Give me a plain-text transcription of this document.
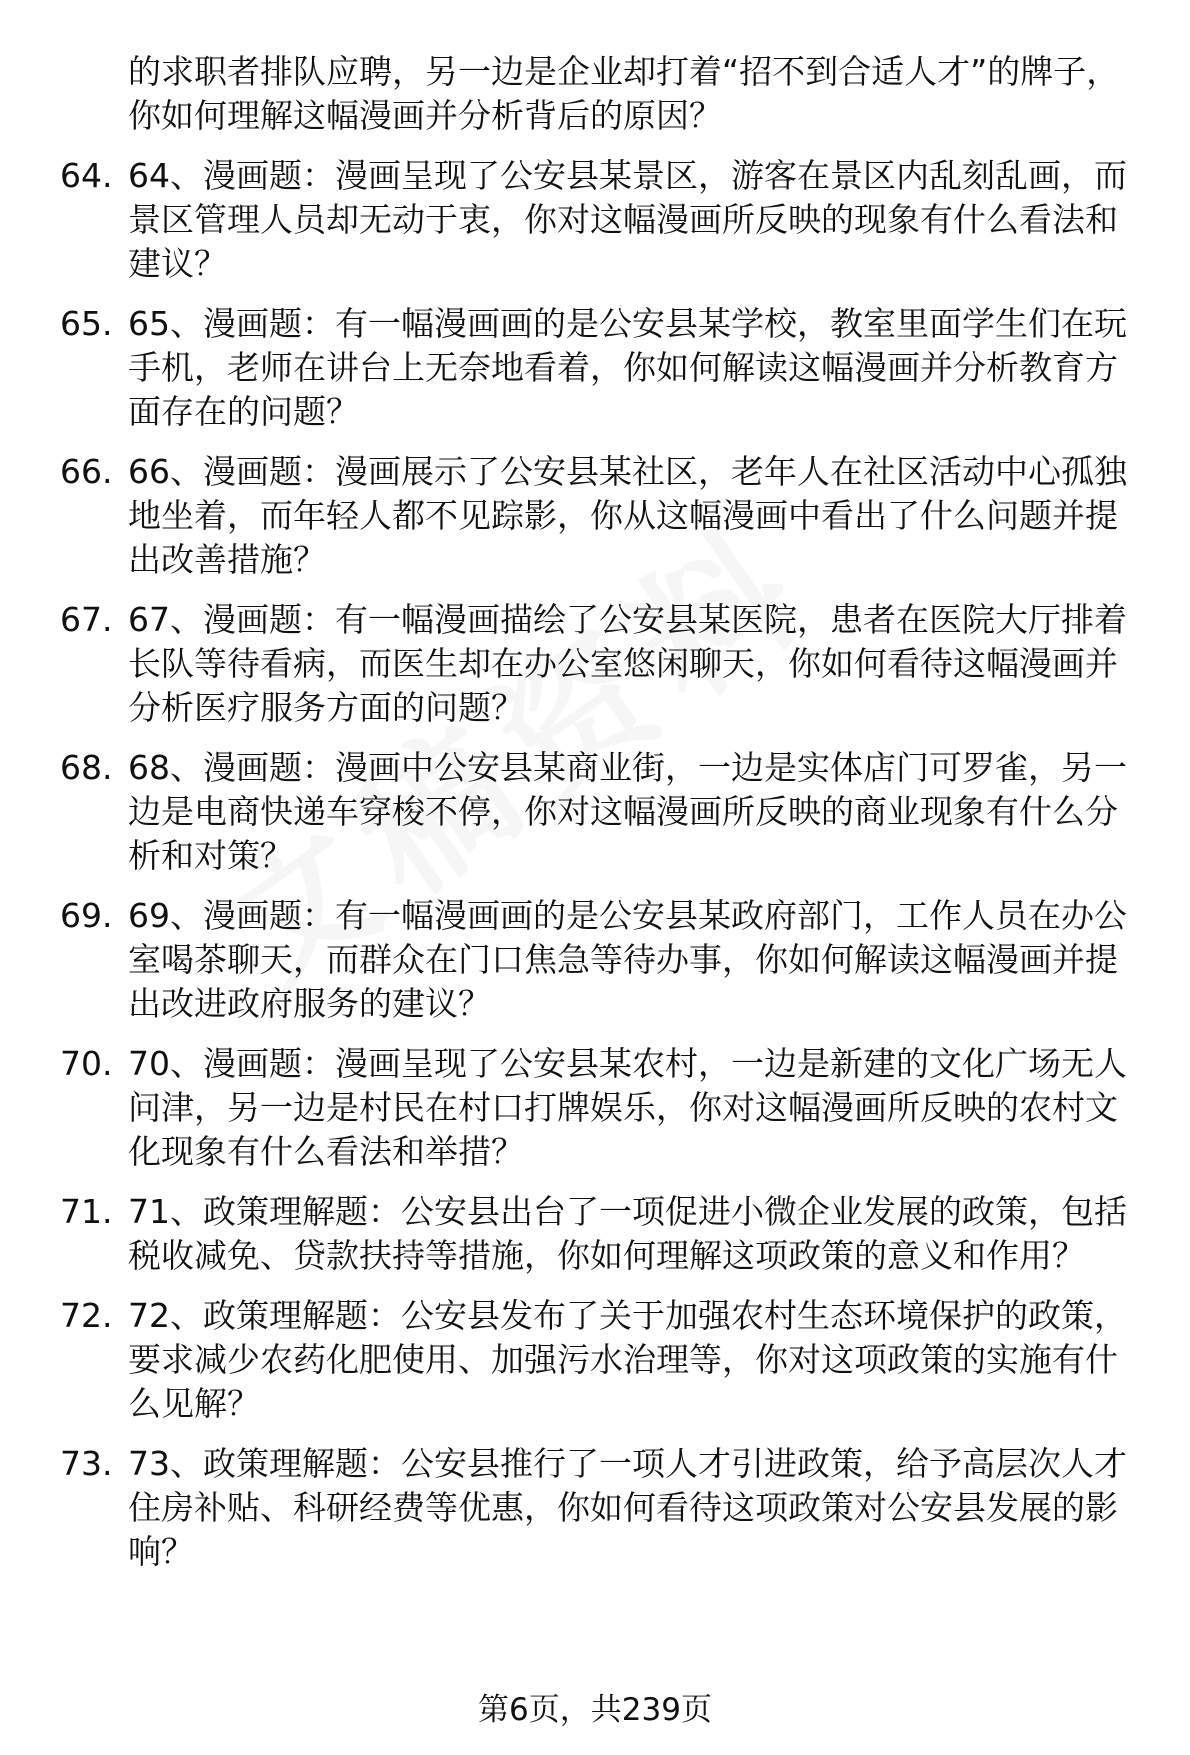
的求职者排队应聘，另一边是企业却打着“招不到合适人才”的牌子，你如何理解这幅漫画并分析背后的原因？
64. 64、漫画题：漫画呈现了公安县某景区，游客在景区内乱刻乱画，而景区管理人员却无动于衷，你对这幅漫画所反映的现象有什么看法和建议？
65. 65、漫画题：有一幅漫画画的是公安县某学校，教室里面学生们在玩手机，老师在讲台上无奈地看着，你如何解读这幅漫画并分析教育方面存在的问题？
66. 66、漫画题：漫画展示了公安县某社区，老年人在社区活动中心孤独地坐着，而年轻人都不见踪影，你从这幅漫画中看出了什么问题并提出改善措施？
67. 67、漫画题：有一幅漫画描绘了公安县某医院，患者在医院大厅排着长队等待看病，而医生却在办公室悠闲聊天，你如何看待这幅漫画并分析医疗服务方面的问题？
68. 68、漫画题：漫画中公安县某商业街，一边是实体店门可罗雀，另一边是电商快递车穿梭不停，你对这幅漫画所反映的商业现象有什么分析和对策？
69. 69、漫画题：有一幅漫画画的是公安县某政府部门，工作人员在办公室喝茶聊天，而群众在门口焦急等待办事，你如何解读这幅漫画并提出改进政府服务的建议？
70. 70、漫画题：漫画呈现了公安县某农村，一边是新建的文化广场无人问津，另一边是村民在村口打牌娱乐，你对这幅漫画所反映的农村文化现象有什么看法和举措？
71. 71、政策理解题：公安县出台了一项促进小微企业发展的政策，包括税收减免、贷款扶持等措施，你如何理解这项政策的意义和作用？
72. 72、政策理解题：公安县发布了关于加强农村生态环境保护的政策，要求减少农药化肥使用、加强污水治理等，你对这项政策的实施有什么见解？
73. 73、政策理解题：公安县推行了一项人才引进政策，给予高层次人才住房补贴、科研经费等优惠，你如何看待这项政策对公安县发展的影响？
第6页，共239页
